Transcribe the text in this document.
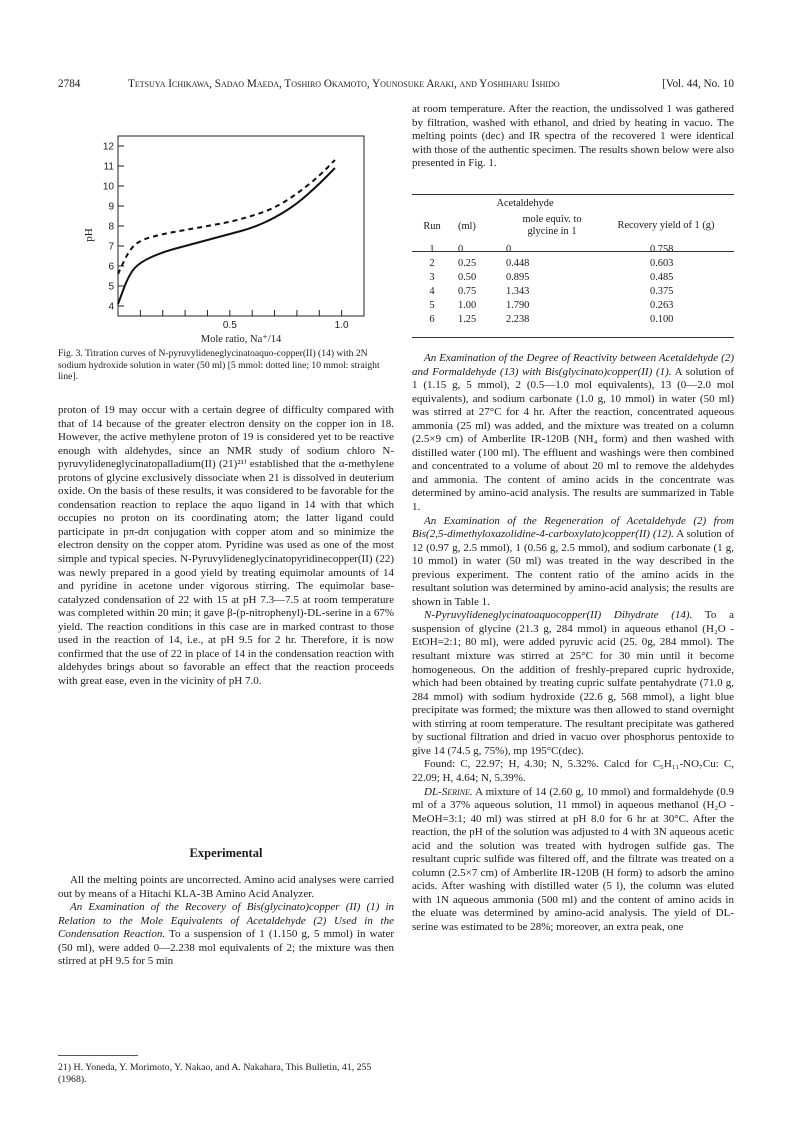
2784	Tetsuya Ichikawa, Sadao Maeda, Toshiro Okamoto, Younosuke Araki, and Yoshiharu Ishido	[Vol. 44, No. 10
pH
Mole ratio, Na⁺/14
4
5
6
7
8
9
10
11
12
0.5	1.0
Fig. 3. Titration curves of N-pyruvylideneglycinatoaquo-copper(II) (14) with 2N sodium hydroxide solution in water (50 ml) [5 mmol: dotted line; 10 mmol: straight line].

proton of 19 may occur with a certain degree of difficulty compared with that of 14 because of the greater electron density on the copper ion in 18. However, the active methylene proton of 19 is considered yet to be reactive enough with aldehydes, since an NMR study of sodium chloro N-pyruvylideneglycinatopalladium(II) (21)²¹⁾ established that the α-methylene protons of glycine exclusively dissociate when 21 is dissolved in deuterium oxide. On the basis of these results, it was considered to be favorable for the condensation reaction to replace the aquo ligand in 14 with that which occupies no proton on its coordinating atom; the latter ligand could participate in pπ-dπ conjugation with copper atom and so minimize the electron density on the copper atom. Pyridine was used as one of the most simple and typical species. N-Pyruvylideneglycinatopyridinecopper(II) (22) was newly prepared in a good yield by treating equimolar amounts of 14 and pyridine in acetone under vigorous stirring. The equimolar base-catalyzed condensation of 22 with 15 at pH 7.3—7.5 at room temperature was completed within 20 min; it gave β-(p-nitrophenyl)-DL-serine in a 67% yield. The reaction conditions in this case are in marked contrast to those used in the reaction of 14, i.e., at pH 9.5 for 2 hr. Therefore, it is now confirmed that the use of 22 in place of 14 in the condensation reaction with aldehydes brings about so favorable an effect that the reaction proceeds with great ease, even in the vicinity of pH 7.0.

Experimental

All the melting points are uncorrected. Amino acid analyses were carried out by means of a Hitachi KLA-3B Amino Acid Analyzer.

An Examination of the Recovery of Bis(glycinato)copper (II) (1) in Relation to the Mole Equivalents of Acetaldehyde (2) Used in the Condensation Reaction. To a suspension of 1 (1.150 g, 5 mmol) in water (50 ml), were added 0—2.238 mol equivalents of 2; the mixture was then stirred at pH 9.5 for 5 min

21) H. Yoneda, Y. Morimoto, Y. Nakao, and A. Nakahara, This Bulletin, 41, 255 (1968).

at room temperature. After the reaction, the undissolved 1 was gathered by filtration, washed with ethanol, and dried by heating in vacuo. The melting points (dec) and IR spectra of the recovered 1 were identical with those of the authentic specimen. The results shown below were also presented in Fig. 1.

	Acetaldehyde		
Run	(ml)	mole equiv. to glycine in 1	Recovery yield of 1 (g)
1	0	0	0.758
2	0.25	0.448	0.603
3	0.50	0.895	0.485
4	0.75	1.343	0.375
5	1.00	1.790	0.263
6	1.25	2.238	0.100

An Examination of the Degree of Reactivity between Acetaldehyde (2) and Formaldehyde (13) with Bis(glycinato)copper(II) (1). A solution of 1 (1.15 g, 5 mmol), 2 (0.5—1.0 mol equivalents), 13 (0—2.0 mol equivalents), and sodium carbonate (1.0 g, 10 mmol) in water (50 ml) was stirred at 27°C for 4 hr. After the reaction, concentrated aqueous ammonia (25 ml) was added, and the mixture was treated on a column (2.5×9 cm) of Amberlite IR-120B (NH₄ form) and then washed with distilled water (100 ml). The effluent and washings were then combined and concentrated to a volume of about 20 ml to remove the aldehydes and ammonia. The content of amino acids in the concentrate was determined by amino-acid analysis. The results are summarized in Table 1.

An Examination of the Regeneration of Acetaldehyde (2) from Bis(2,5-dimethyloxazolidine-4-carboxylato)copper(II) (12). A solution of 12 (0.97 g, 2.5 mmol), 1 (0.56 g, 2.5 mmol), and sodium carbonate (1 g, 10 mmol) in water (50 ml) was treated in the way described in the previous experiment. The content ratio of the amino acids in the resultant solution was determined by amino-acid analysis; the results are shown in Table 1.

N-Pyruvylideneglycinatoaquocopper(II) Dihydrate (14). To a suspension of glycine (21.3 g, 284 mmol) in aqueous ethanol (H₂O - EtOH=2:1; 80 ml), were added pyruvic acid (25. 0g, 284 mmol). The resultant mixture was stirred at 25°C for 30 min until it become homogeneous. On the addition of freshly-prepared cupric hydroxide, which had been obtained by treating cupric sulfate pentahydrate (71.0 g, 284 mmol) with sodium hydroxide (22.6 g, 568 mmol), a light blue precipitate was formed; the mixture was then allowed to stand overnight with stirring at room temperature. The resultant precipitate was gathered by suctional filtration and dried in vacuo over phosphorus pentoxide to give 14 (74.5 g, 75%), mp 195°C(dec).

Found: C, 22.97; H, 4.30; N, 5.32%. Calcd for C₅H₁₁-NO₇Cu: C, 22.09; H, 4.64; N, 5.39%.

DL-Serine. A mixture of 14 (2.60 g, 10 mmol) and formaldehyde (0.9 ml of a 37% aqueous solution, 11 mmol) in aqueous methanol (H₂O - MeOH=3:1; 40 ml) was stirred at pH 8.0 for 6 hr at 30°C. After the reaction, the pH of the solution was adjusted to 4 with 3N aqueous acetic acid and the solution was treated with hydrogen sulfide gas. The resultant cupric sulfide was filtered off, and the filtrate was treated on a column (2.5×7 cm) of Amberlite IR-120B (H form) to adsorb the amino acids. After washing with distilled water (5 l), the column was eluted with 1N aqueous ammonia (500 ml) and the content of amino acids in the eluate was determined by amino-acid analysis. The yield of DL-serine was estimated to be 28%; moreover, an extra peak, one
